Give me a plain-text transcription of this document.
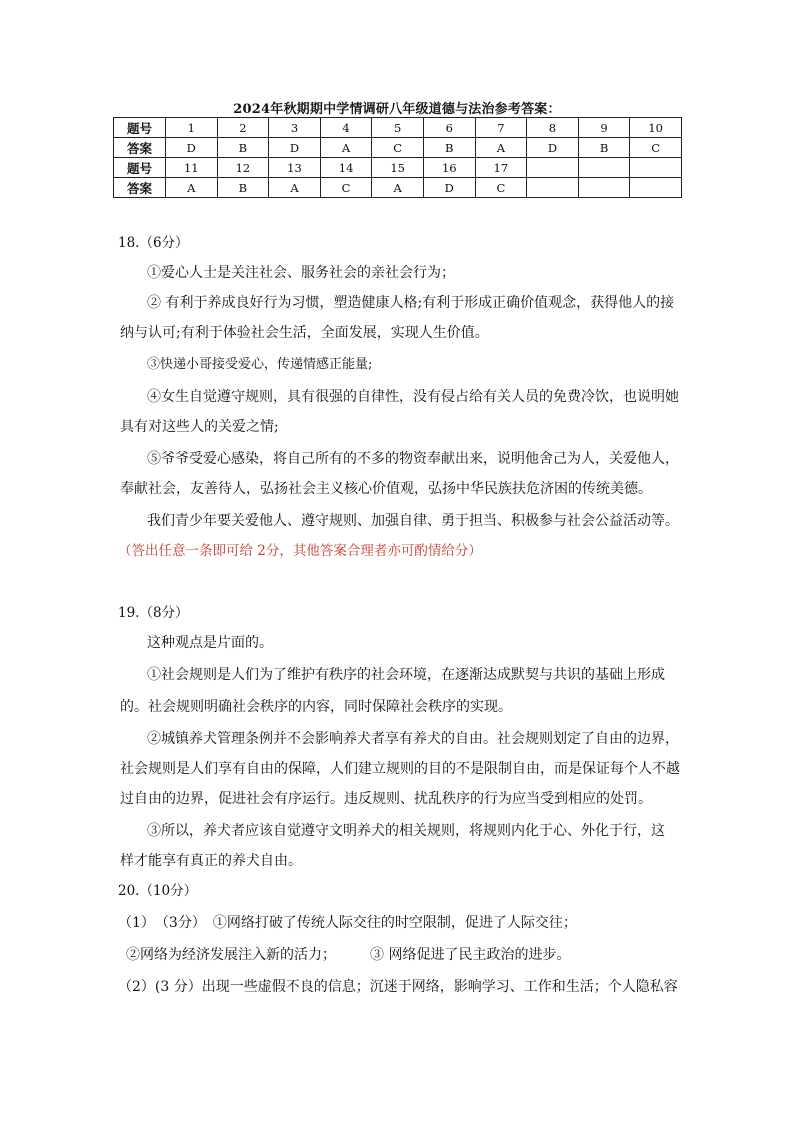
2024年秋期期中学情调研八年级道德与法治参考答案：
题号	1	2	3	4	5	6	7	8	9	10
答案	D	B	D	A	C	B	A	D	B	C
题号	11	12	13	14	15	16	17			
答案	A	B	A	C	A	D	C			
18.（6分）
①爱心人士是关注社会、服务社会的亲社会行为；
② 有利于养成良好行为习惯，塑造健康人格;有利于形成正确价值观念，获得他人的接
纳与认可;有利于体验社会生活，全面发展，实现人生价值。
③快递小哥接受爱心，传递情感正能量;
④女生自觉遵守规则，具有很强的自律性，没有侵占给有关人员的免费冷饮，也说明她
具有对这些人的关爱之情;
⑤爷爷受爱心感染，将自己所有的不多的物资奉献出来，说明他舍己为人，关爱他人，
奉献社会，友善待人，弘扬社会主义核心价值观，弘扬中华民族扶危济困的传统美德。
我们青少年要关爱他人、遵守规则、加强自律、勇于担当、积极参与社会公益活动等。
（答出任意一条即可给 2分，其他答案合理者亦可酌情给分）
19.（8分）
这种观点是片面的。
①社会规则是人们为了维护有秩序的社会环境，在逐渐达成默契与共识的基础上形成
的。社会规则明确社会秩序的内容，同时保障社会秩序的实现。
②城镇养犬管理条例并不会影响养犬者享有养犬的自由。社会规则划定了自由的边界，
社会规则是人们享有自由的保障，人们建立规则的目的不是限制自由，而是保证每个人不越
过自由的边界，促进社会有序运行。违反规则、扰乱秩序的行为应当受到相应的处罚。
③所以，养犬者应该自觉遵守文明养犬的相关规则，将规则内化于心、外化于行，这
样才能享有真正的养犬自由。
20.（10分）
（1）　（3分）　①网络打破了传统人际交往的时空限制，促进了人际交往；
②网络为经济发展注入新的活力； ③ 网络促进了民主政治的进步。
（2）(3 分）出现一些虚假不良的信息；沉迷于网络，影响学习、工作和生活；个人隐私容
